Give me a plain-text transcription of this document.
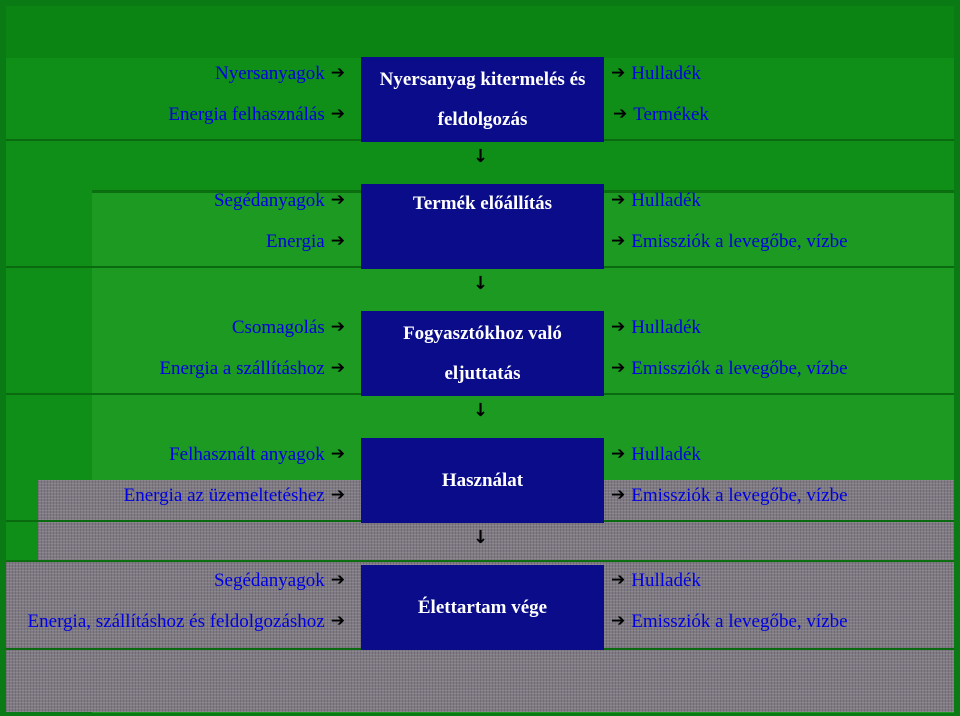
Nyersanyagok ➔
Energia felhasználás ➔
Nyersanyag kitermelés és
feldolgozás
➔ Hulladék
➔ Termékek
↓
Segédanyagok ➔
Energia ➔
Termék előállítás	➔ Hulladék
➔ Emissziók a levegőbe, vízbe
↓
Csomagolás ➔
Energia a szállításhoz ➔
Fogyasztókhoz való
eljuttatás
➔ Hulladék
➔ Emissziók a levegőbe, vízbe
↓
Felhasznált anyagok ➔
Energia az üzemeltetéshez ➔
Használat
➔ Hulladék
➔ Emissziók a levegőbe, vízbe
↓
Segédanyagok ➔
Energia, szállításhoz és feldolgozáshoz ➔
Élettartam vége
➔ Hulladék
➔ Emissziók a levegőbe, vízbe
